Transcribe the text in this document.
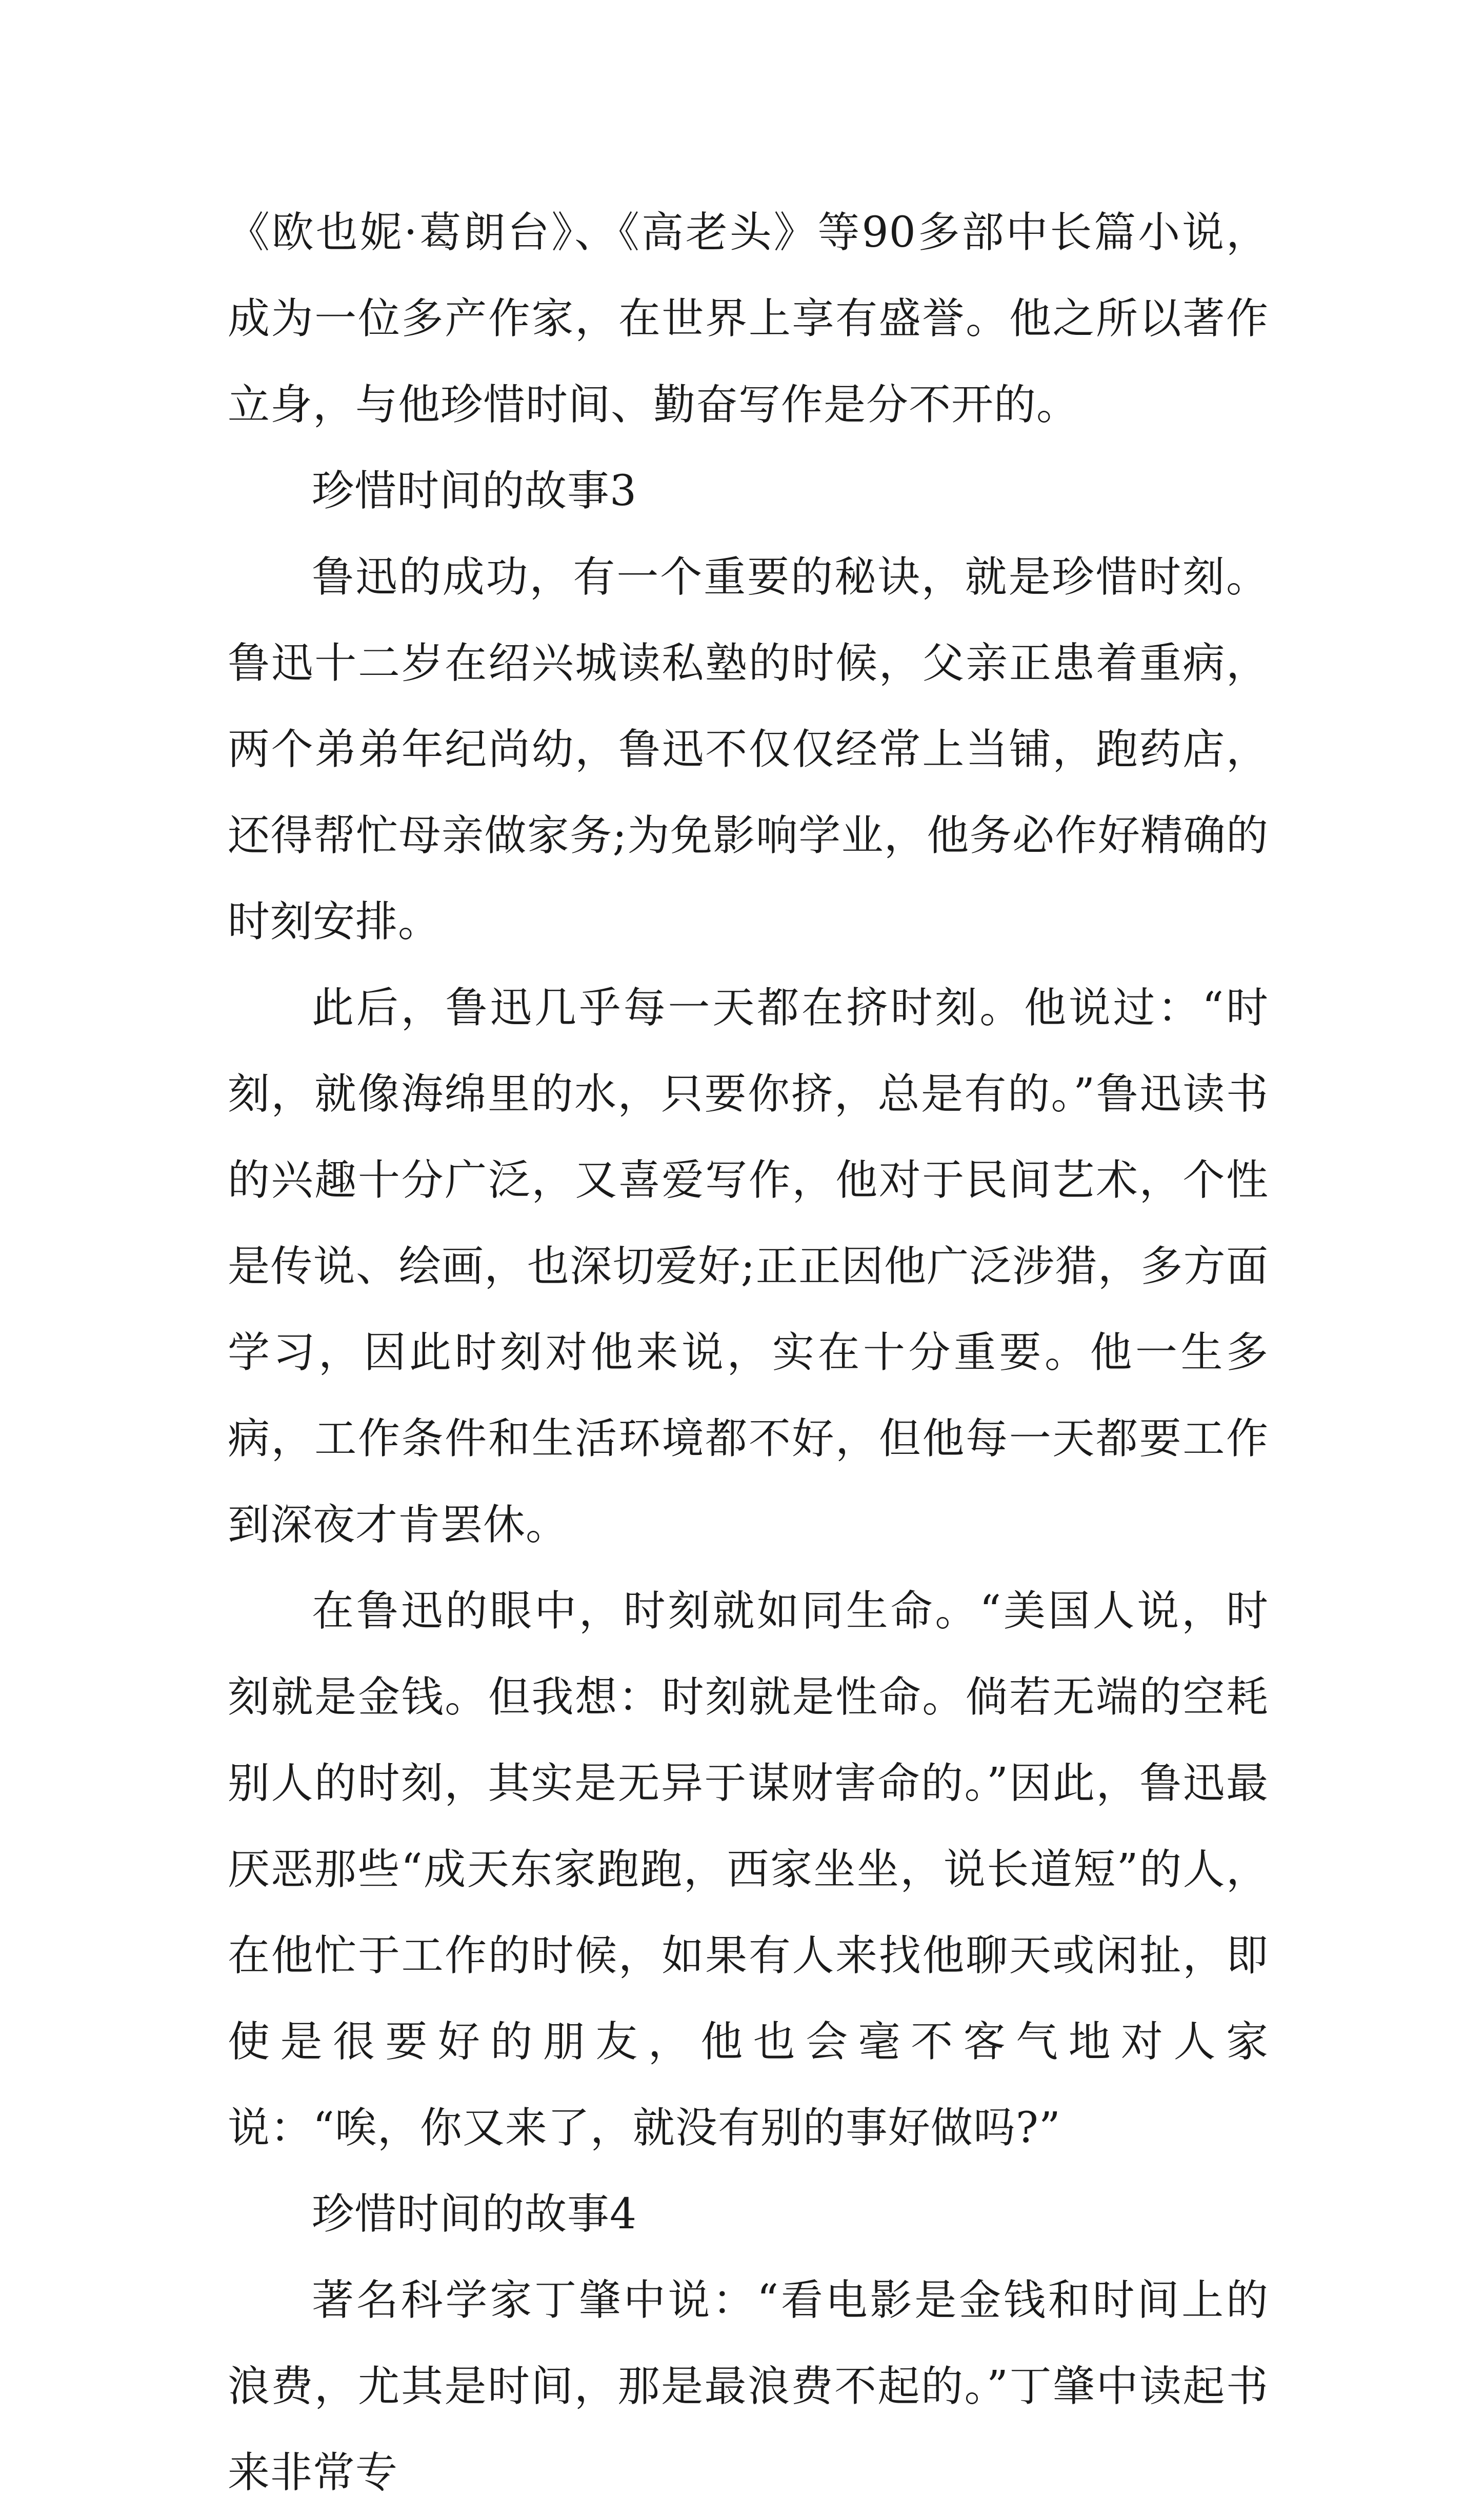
《欧也妮·葛朗台》、《高老头》等90多部中长篇小说，成为一位多产作家，在世界上享有盛誉。他之所以著作立身，与他珍惜时间、勤奋写作是分不开的。

珍惜时间的故事3

鲁迅的成功，有一个重要的秘诀，就是珍惜时刻。鲁迅十二岁在绍兴城读私塾的时候，父亲正患着重病，两个弟弟年纪尚幼，鲁迅不仅仅经常上当铺，跑药店，还得帮忙母亲做家务;为免影响学业，他务必作好精确的时刻安排。

此后，鲁迅几乎每一天都在挤时刻。他说过：“时刻，就像海绵里的水，只要你挤，总是有的。”鲁迅读书的兴趣十分广泛，又喜爱写作，他对于民间艺术，个性是传说、绘画，也深切爱好;正正因他广泛涉猎，多方面学习，因此时刻对他来说，实在十分重要。他一生多病，工作条件和生活环境都不好，但他每一天都要工作到深夜才肯罢休。

在鲁迅的眼中，时刻就如同生命。“美国人说，时刻就是金钱。但我想：时刻就是性命。倘若无端的空耗别人的时刻，其实是无异于谋财害命的。”因此，鲁迅最厌恶那些“成天东家跑跑，西家坐坐，说长道短”的人，在他忙于工作的时候，如果有人来找他聊天或闲扯，即使是很要好的朋友，他也会毫不客气地对人家说：“唉，你又来了，就没有别的事好做吗?”

珍惜时间的故事4

著名科学家丁肇中说：“看电影是金钱和时间上的浪费，尤其是时间，那是最浪费不起的。”丁肇中读起书来非常专
